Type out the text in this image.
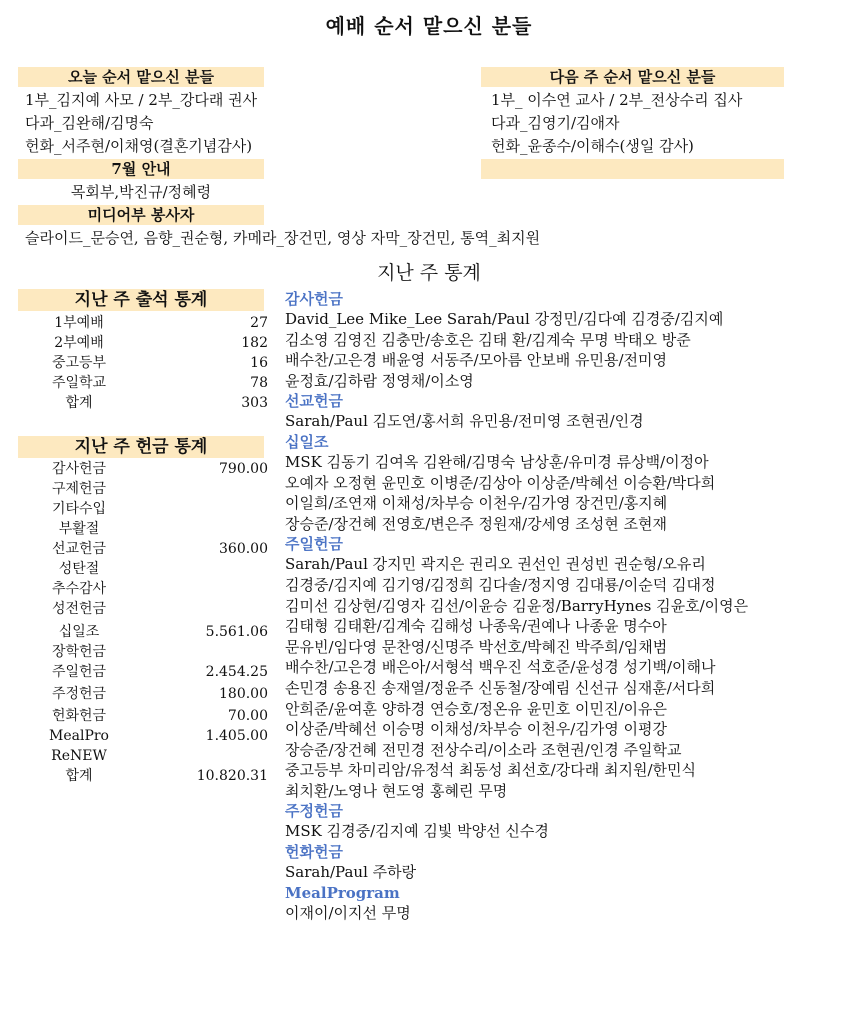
예배 순서 맡으신 분들
오늘 순서 맡으신 분들
1부_김지예 사모 / 2부_강다래 권사
다과_김완해/김명숙
헌화_서주현/이채영(결혼기념감사)
다음 주 순서 맡으신 분들
1부_ 이수연 교사 / 2부_전상수리 집사
다과_김영기/김애자
헌화_윤종수/이해수(생일 감사)
7월 안내
목회부,박진규/정혜령
미디어부 봉사자
슬라이드_문승연, 음향_권순형, 카메라_장건민, 영상 자막_장건민, 통역_최지원
지난 주 통계
지난 주 출석 통계
1부예배	27
2부예배	182
중고등부	16
주일학교	78
합계	303
지난 주 헌금 통계
감사헌금	790.00
구제헌금
기타수입
부활절
선교헌금	360.00
성탄절
추수감사
성전헌금
십일조	5.561.06
장학헌금
주일헌금	2.454.25
주정헌금	180.00
헌화헌금	70.00
MealPro	1.405.00
ReNEW
합계	10.820.31
감사헌금
David_Lee Mike_Lee Sarah/Paul 강정민/김다예 김경중/김지예
김소영 김영진 김충만/송호은 김태 환/김계숙 무명 박태오 방준
배수찬/고은경 배윤영 서동주/모아름 안보배 유민용/전미영
윤정효/김하람 정영채/이소영
선교헌금
Sarah/Paul 김도연/홍서희 유민용/전미영 조현권/인경
십일조
MSK 김동기 김여옥 김완해/김명숙 남상훈/유미경 류상백/이정아
오예자 오정현 윤민호 이병준/김상아 이상준/박혜선 이승환/박다희
이일희/조연재 이채성/차부승 이천우/김가영 장건민/홍지혜
장승준/장건혜 전영호/변은주 정원재/강세영 조성현 조현재
주일헌금
Sarah/Paul 강지민 곽지은 권리오 권선인 권성빈 권순형/오유리
김경중/김지예 김기영/김정희 김다솔/정지영 김대룡/이순덕 김대정
김미선 김상현/김영자 김선/이윤승 김윤정/BarryHynes 김윤호/이영은
김태형 김태환/김계숙 김해성 나종욱/권예나 나종윤 명수아
문유빈/임다영 문찬영/신명주 박선호/박혜진 박주희/임채범
배수찬/고은경 배은아/서형석 백우진 석호준/윤성경 성기백/이해나
손민경 송용진 송재열/정윤주 신동철/장예림 신선규 심재훈/서다희
안희준/윤여훈 양하경 연승호/정온유 윤민호 이민진/이유은
이상준/박혜선 이승명 이채성/차부승 이천우/김가영 이평강
장승준/장건혜 전민경 전상수리/이소라 조현권/인경 주일학교
중고등부 차미리암/유정석 최동성 최선호/강다래 최지원/한민식
최치환/노영나 현도영 홍혜린 무명
주정헌금
MSK 김경중/김지예 김빛 박양선 신수경
헌화헌금
Sarah/Paul 주하랑
MealProgram
이재이/이지선 무명
